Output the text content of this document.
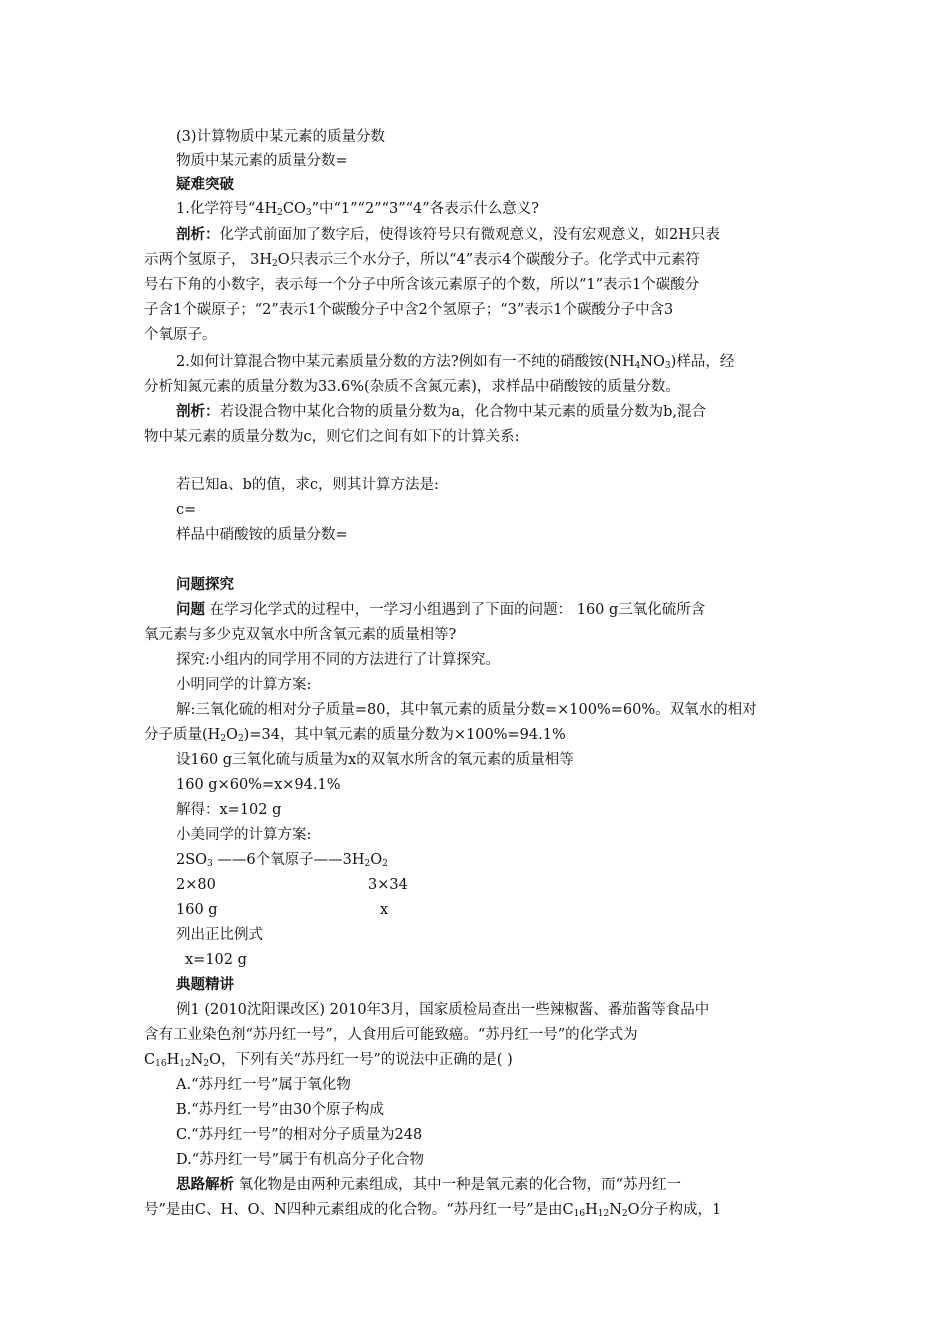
(3)计算物质中某元素的质量分数
物质中某元素的质量分数=
疑难突破
1.化学符号“$4H_2CO_3$”中“1”“2”“3”“4”各表示什么意义?
剖析：化学式前面加了数字后，使得该符号只有微观意义，没有宏观意义，如2H只表
示两个氢原子， $3H_2O$只表示三个水分子，所以“4”表示4个碳酸分子。化学式中元素符
号右下角的小数字，表示每一个分子中所含该元素原子的个数，所以“1”表示1个碳酸分
子含1个碳原子；“2”表示1个碳酸分子中含2个氢原子；“3”表示1个碳酸分子中含3
个氧原子。
2.如何计算混合物中某元素质量分数的方法?例如有一不纯的硝酸铵$(NH_4NO_3)$样品，经
分析知氮元素的质量分数为33.6%(杂质不含氮元素)，求样品中硝酸铵的质量分数。
剖析：若设混合物中某化合物的质量分数为a，化合物中某元素的质量分数为b,混合
物中某元素的质量分数为c，则它们之间有如下的计算关系:
若已知a、b的值，求c，则其计算方法是:
c=
样品中硝酸铵的质量分数=
问题探究
问题 在学习化学式的过程中，一学习小组遇到了下面的问题： 160 g三氧化硫所含
氧元素与多少克双氧水中所含氧元素的质量相等?
探究:小组内的同学用不同的方法进行了计算探究。
小明同学的计算方案:
解:三氧化硫的相对分子质量=80，其中氧元素的质量分数=×100%=60%。双氧水的相对
分子质量$(H_2O_2)=34$，其中氧元素的质量分数为×100%=94.1%
设160 g三氧化硫与质量为x的双氧水所含的氧元素的质量相等
160 g×60%=x×94.1%
解得：x=102 g
小美同学的计算方案:
$2SO_3$ ——6个氧原子$——3H_2O_2$
2×80	3×34
160 g	x
列出正比例式
x=102 g
典题精讲
例1 (2010沈阳课改区) 2010年3月，国家质检局查出一些辣椒酱、番茄酱等食品中
含有工业染色剂“苏丹红一号”，人食用后可能致癌。“苏丹红一号”的化学式为
$C_{16}H_{12}N_2O$，下列有关“苏丹红一号”的说法中正确的是( )
A.“苏丹红一号”属于氧化物
B.“苏丹红一号”由30个原子构成
C.“苏丹红一号”的相对分子质量为248
D.“苏丹红一号”属于有机高分子化合物
思路解析 氧化物是由两种元素组成，其中一种是氧元素的化合物，而“苏丹红一
号”是由C、H、O、N四种元素组成的化合物。“苏丹红一号”是由$C_{16}H_{12}N_2O$分子构成，1
